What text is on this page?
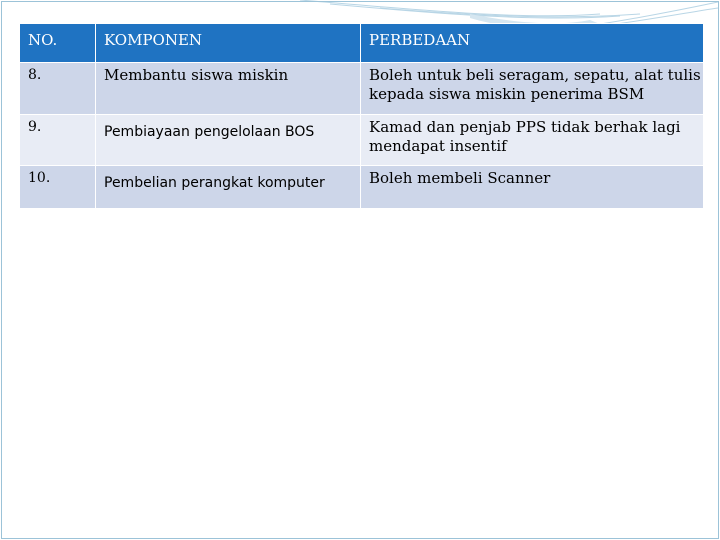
NO.	KOMPONEN	PERBEDAAN

8.	Membantu siswa miskin	Boleh untuk beli seragam, sepatu, alat tulis kepada siswa miskin penerima BSM

9.	Pembiayaan pengelolaan BOS	Kamad dan penjab PPS tidak berhak lagi mendapat insentif

10.	Pembelian perangkat komputer	Boleh membeli Scanner
